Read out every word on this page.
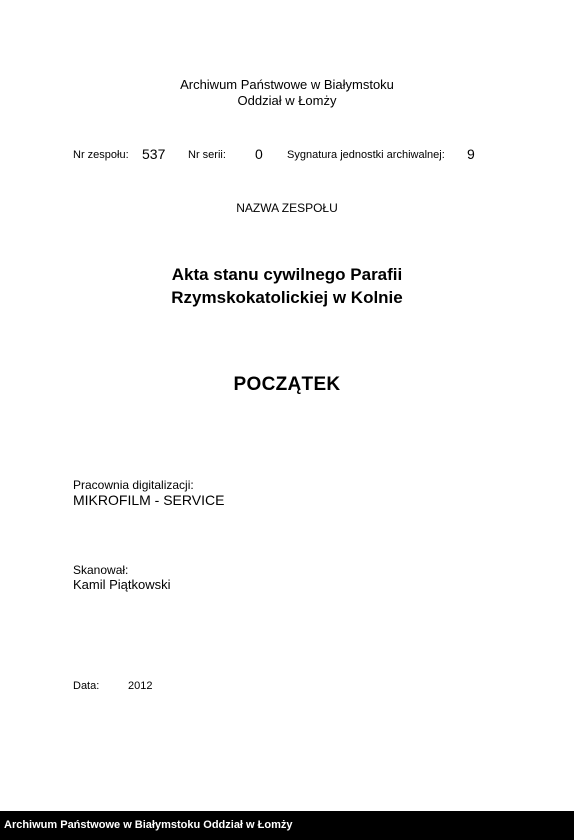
Archiwum Państwowe w Białymstoku
Oddział w Łomży
Nr zespołu: 537 Nr serii: 0 Sygnatura jednostki archiwalnej: 9
NAZWA ZESPOŁU
Akta stanu cywilnego Parafii
Rzymskokatolickiej w Kolnie
POCZĄTEK
Pracownia digitalizacji:
MIKROFILM - SERVICE
Skanował:
Kamil Piątkowski
Data:	2012
Archiwum Państwowe w Białymstoku Oddział w Łomży
